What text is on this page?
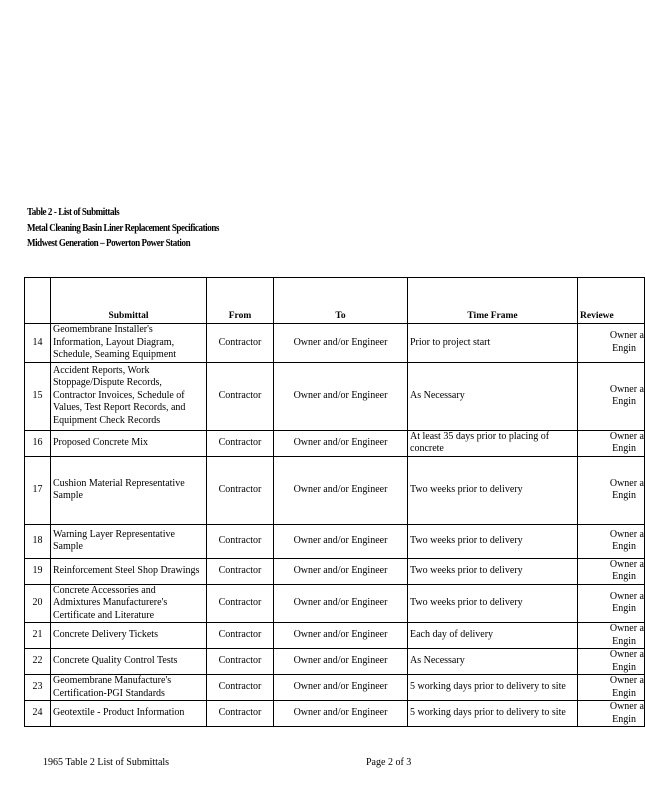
Table 2 - List of Submittals
Metal Cleaning Basin Liner Replacement Specifications
Midwest Generation – Powerton Power Station
	Submittal	From	To	Time Frame	Reviewe
14	Geomembrane Installer's Information, Layout Diagram, Schedule, Seaming Equipment	Contractor	Owner and/or Engineer	Prior to project start	Owner a
Engin

15	Accident Reports, Work Stoppage/Dispute Records, Contractor Invoices, Schedule of Values, Test Report Records, and Equipment Check Records	Contractor	Owner and/or Engineer	As Necessary	Owner a
Engin

16	Proposed Concrete Mix	Contractor	Owner and/or Engineer	At least 35 days prior to placing of concrete	Owner a
Engin

17	Cushion Material Representative Sample	Contractor	Owner and/or Engineer	Two weeks prior to delivery	Owner a
Engin

18	Warning Layer Representative Sample	Contractor	Owner and/or Engineer	Two weeks prior to delivery	Owner a
Engin

19	Reinforcement Steel Shop Drawings	Contractor	Owner and/or Engineer	Two weeks prior to delivery	Owner a
Engin

20	Concrete Accessories and Admixtures Manufacturere's Certificate and Literature	Contractor	Owner and/or Engineer	Two weeks prior to delivery	Owner a
Engin

21	Concrete Delivery Tickets	Contractor	Owner and/or Engineer	Each day of delivery	Owner a
Engin

22	Concrete Quality Control Tests	Contractor	Owner and/or Engineer	As Necessary	Owner a
Engin

23	Geomembrane Manufacture's Certification-PGI Standards	Contractor	Owner and/or Engineer	5 working days prior to delivery to site	Owner a
Engin

24	Geotextile - Product Information	Contractor	Owner and/or Engineer	5 working days prior to delivery to site	Owner a
Engin
1965 Table 2 List of Submittals	Page 2 of 3
